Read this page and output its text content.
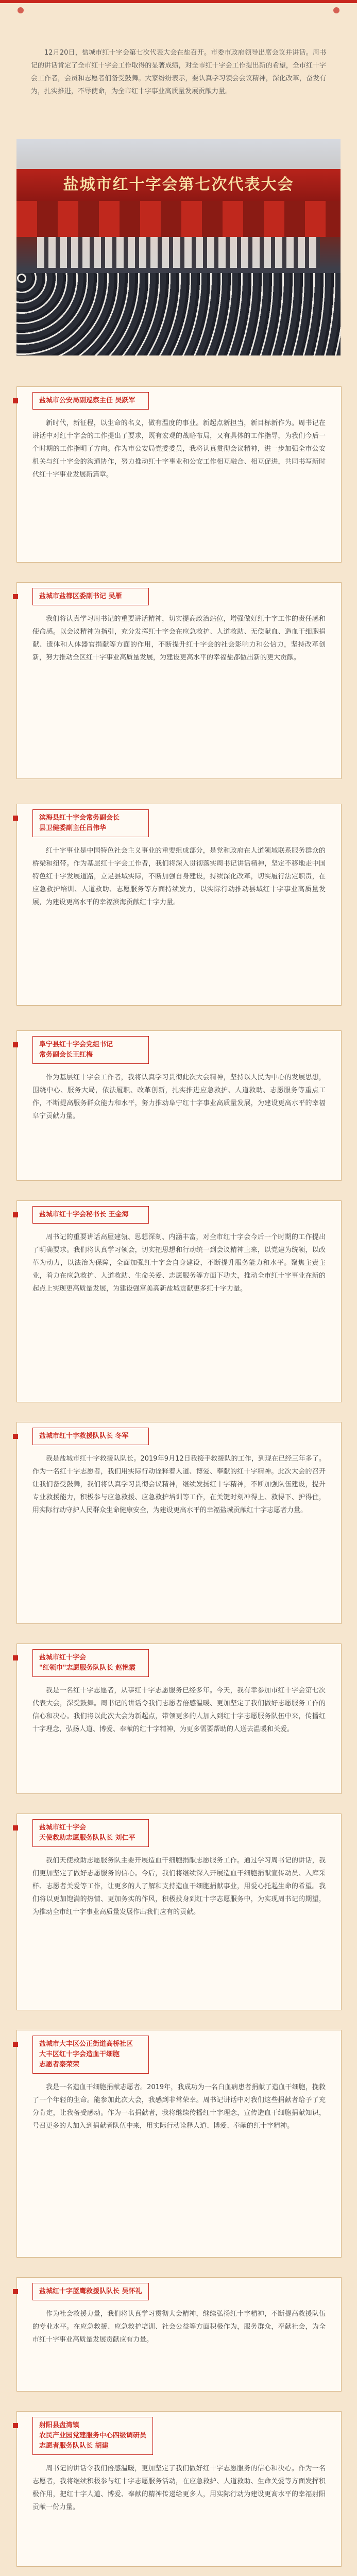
12月20日，盐城市红十字会第七次代表大会在盐召开。市委市政府领导出席会议并讲话。周书记的讲话肯定了全市红十字会工作取得的显著成绩，对全市红十字会工作提出新的希望，全市红十字会工作者，会员和志愿者们备受鼓舞。大家纷纷表示，要认真学习领会会议精神，深化改革，奋发有为，扎实推进，不辱使命，为全市红十字事业高质量发展贡献力量。
盐城市红十字会第七次代表大会
盐城市公安局副巡察主任 吴跃军
新时代，新征程，以生命的名义，做有温度的事业。新起点新担当，新目标新作为。周书记在讲话中对红十字会的工作提出了要求，既有宏观的战略布局，又有具体的工作指导，为我们今后一个时期的工作指明了方向。作为市公安局党委委员，我将认真贯彻会议精神，进一步加强全市公安机关与红十字会的沟通协作，努力推动红十字事业和公安工作相互融合、相互促进，共同书写新时代红十字事业发展新篇章。
盐城市盐都区委副书记 吴雁
我们将认真学习周书记的重要讲话精神，切实提高政治站位，增强做好红十字工作的责任感和使命感。以会议精神为指引，充分发挥红十字会在应急救护、人道救助、无偿献血、造血干细胞捐献、遗体和人体器官捐献等方面的作用，不断提升红十字会的社会影响力和公信力，坚持改革创新，努力推动全区红十字事业高质量发展，为建设更高水平的幸福盐都做出新的更大贡献。
滨海县红十字会常务副会长
县卫健委副主任吕伟华
红十字事业是中国特色社会主义事业的重要组成部分，是党和政府在人道领域联系服务群众的桥梁和纽带。作为基层红十字会工作者，我们将深入贯彻落实周书记讲话精神，坚定不移地走中国特色红十字发展道路，立足县域实际，不断加强自身建设，持续深化改革，切实履行法定职责，在应急救护培训、人道救助、志愿服务等方面持续发力，以实际行动推动县域红十字事业高质量发展，为建设更高水平的幸福滨海贡献红十字力量。
阜宁县红十字会党组书记
常务副会长王红梅
作为基层红十字会工作者，我将认真学习贯彻此次大会精神，坚持以人民为中心的发展思想，围绕中心、服务大局，依法履职、改革创新，扎实推进应急救护、人道救助、志愿服务等重点工作，不断提高服务群众能力和水平，努力推动阜宁红十字事业高质量发展，为建设更高水平的幸福阜宁贡献力量。
盐城市红十字会秘书长 王金海
周书记的重要讲话高屋建瓴、思想深刻、内涵丰富，对全市红十字会今后一个时期的工作提出了明确要求。我们将认真学习领会，切实把思想和行动统一到会议精神上来，以党建为统领，以改革为动力，以法治为保障，全面加强红十字会自身建设，不断提升服务能力和水平。聚焦主责主业，着力在应急救护、人道救助、生命关爱、志愿服务等方面下功夫，推动全市红十字事业在新的起点上实现更高质量发展，为建设强富美高新盐城贡献更多红十字力量。
盐城市红十字救援队队长 冬军
我是盐城市红十字救援队队长。2019年9月12日我接手救援队的工作，到现在已经三年多了。作为一名红十字志愿者，我们用实际行动诠释着人道、博爱、奉献的红十字精神。此次大会的召开让我们备受鼓舞，我们将认真学习贯彻会议精神，继续发扬红十字精神，不断加强队伍建设，提升专业救援能力，积极参与应急救援、应急救护培训等工作，在关键时刻冲得上、救得下、护得住，用实际行动守护人民群众生命健康安全，为建设更高水平的幸福盐城贡献红十字志愿者力量。
盐城市红十字会
"红领巾"志愿服务队队长 赵艳霞
我是一名红十字志愿者，从事红十字志愿服务已经多年。今天，我有幸参加市红十字会第七次代表大会，深受鼓舞。周书记的讲话令我们志愿者倍感温暖、更加坚定了我们做好志愿服务工作的信心和决心。我们将以此次大会为新起点，带领更多的人加入到红十字志愿服务队伍中来，传播红十字理念，弘扬人道、博爱、奉献的红十字精神，为更多需要帮助的人送去温暖和关爱。
盐城市红十字会
天使救助志愿服务队队长 刘仁平
我们天使救助志愿服务队主要开展造血干细胞捐献志愿服务工作。通过学习周书记的讲话，我们更加坚定了做好志愿服务的信心。今后，我们将继续深入开展造血干细胞捐献宣传动员、入库采样、志愿者关爱等工作，让更多的人了解和支持造血干细胞捐献事业，用爱心托起生命的希望。我们将以更加饱满的热情、更加务实的作风，积极投身到红十字志愿服务中，为实现周书记的期望，为推动全市红十字事业高质量发展作出我们应有的贡献。
盐城市大丰区公正街道高桥社区
大丰区红十字会造血干细胞
志愿者秦荣荣
我是一名造血干细胞捐献志愿者。2019年，我成功为一名白血病患者捐献了造血干细胞，挽救了一个年轻的生命。能参加此次大会，我感到非常荣幸。周书记讲话中对我们这些捐献者给予了充分肯定，让我备受感动。作为一名捐献者，我将继续传播红十字理念，宣传造血干细胞捐献知识，号召更多的人加入到捐献者队伍中来，用实际行动诠释人道、博爱、奉献的红十字精神。
盐城红十字蓝鹰救援队队长 吴怀礼
作为社会救援力量，我们将认真学习贯彻大会精神，继续弘扬红十字精神，不断提高救援队伍的专业水平。在应急救援、应急救护培训、社会公益等方面积极作为，服务群众，奉献社会，为全市红十字事业高质量发展贡献应有力量。
射阳县盘湾镇
农民产业园党建服务中心四级调研员
志愿者服务队队长 胡建
周书记的讲话令我们倍感温暖，更加坚定了我们做好红十字志愿服务的信心和决心。作为一名志愿者，我将继续积极参与红十字志愿服务活动，在应急救护、人道救助、生命关爱等方面发挥积极作用，把红十字人道、博爱、奉献的精神传递给更多人，用实际行动为建设更高水平的幸福射阳贡献一份力量。
